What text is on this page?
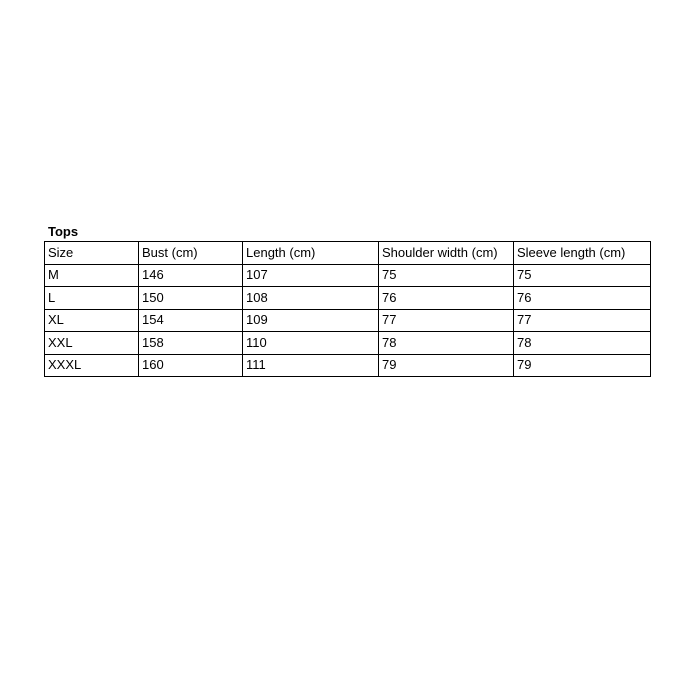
Tops
Size	Bust (cm)	Length (cm)	Shoulder width (cm)	Sleeve length (cm)
M	146	107	75	75
L	150	108	76	76
XL	154	109	77	77
XXL	158	110	78	78
XXXL	160	111	79	79
